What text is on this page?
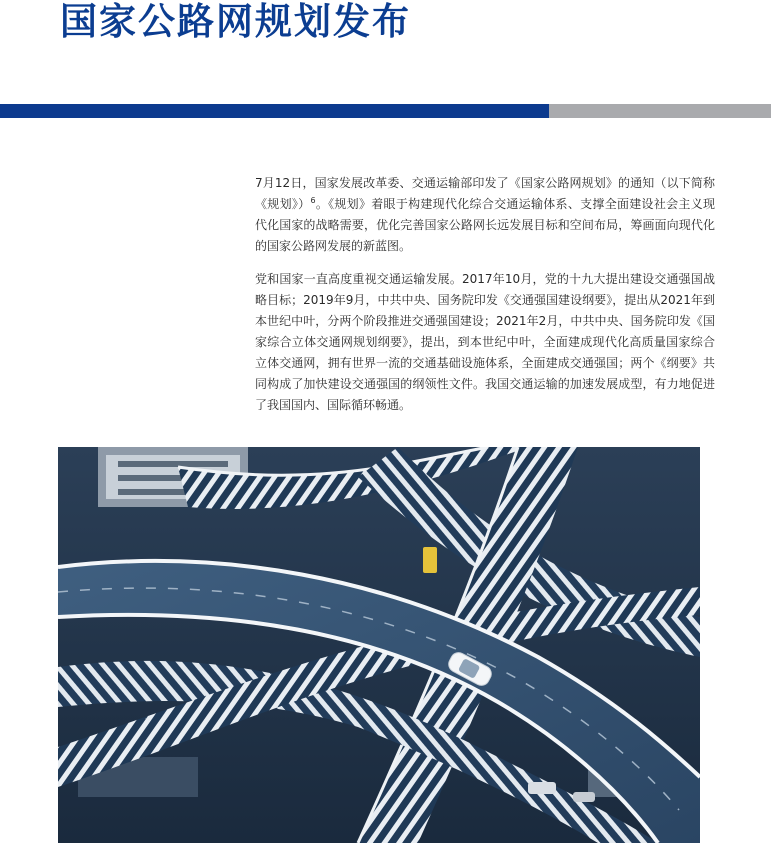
国家公路网规划发布

7月12日，国家发展改革委、交通运输部印发了《国家公路网规划》的通知（以下简称《规划》）$^6$。《规划》着眼于构建现代化综合交通运输体系、支撑全面建设社会主义现代化国家的战略需要，优化完善国家公路网长远发展目标和空间布局，筹画面向现代化的国家公路网发展的新蓝图。

党和国家一直高度重视交通运输发展。2017年10月，党的十九大提出建设交通强国战略目标；2019年9月，中共中央、国务院印发《交通强国建设纲要》，提出从2021年到本世纪中叶，分两个阶段推进交通强国建设；2021年2月，中共中央、国务院印发《国家综合立体交通网规划纲要》，提出，到本世纪中叶，全面建成现代化高质量国家综合立体交通网，拥有世界一流的交通基础设施体系，全面建成交通强国；两个《纲要》共同构成了加快建设交通强国的纲领性文件。我国交通运输的加速发展成型，有力地促进了我国国内、国际循环畅通。
